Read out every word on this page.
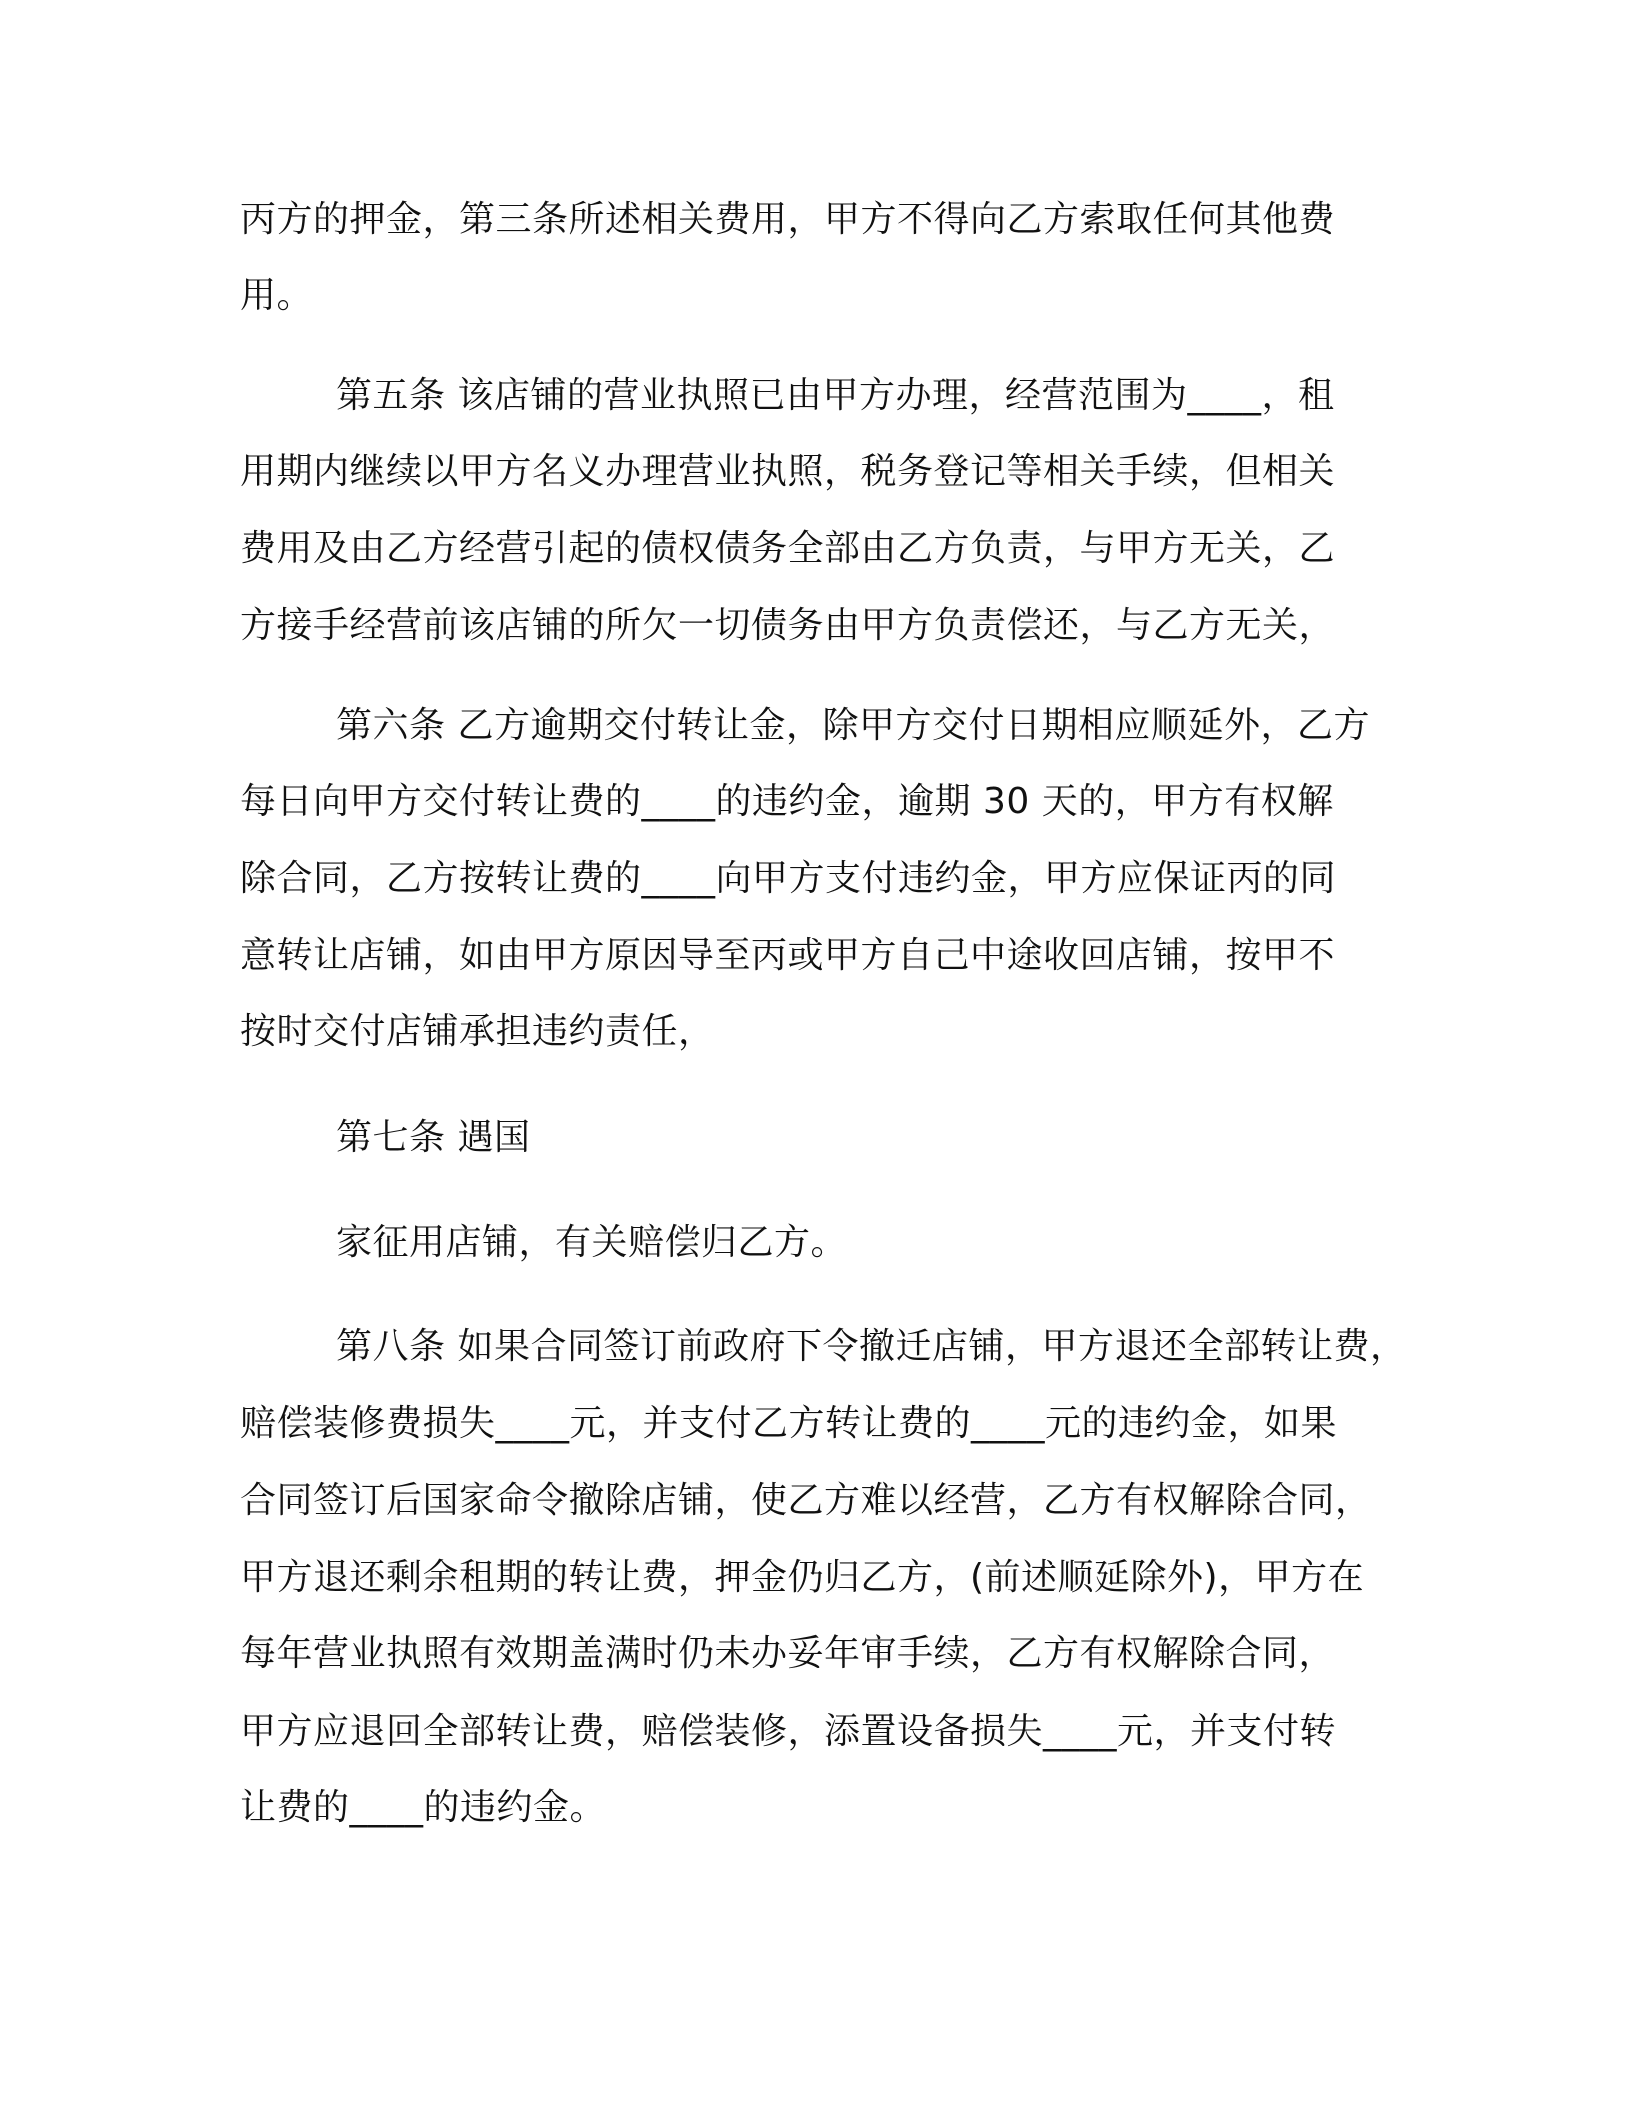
丙方的押金，第三条所述相关费用，甲方不得向乙方索取任何其他费
用。
第五条 该店铺的营业执照已由甲方办理，经营范围为____，租
用期内继续以甲方名义办理营业执照，税务登记等相关手续，但相关
费用及由乙方经营引起的债权债务全部由乙方负责，与甲方无关，乙
方接手经营前该店铺的所欠一切债务由甲方负责偿还，与乙方无关，
第六条 乙方逾期交付转让金，除甲方交付日期相应顺延外，乙方
每日向甲方交付转让费的____的违约金，逾期 30 天的，甲方有权解
除合同，乙方按转让费的____向甲方支付违约金，甲方应保证丙的同
意转让店铺，如由甲方原因导至丙或甲方自己中途收回店铺，按甲不
按时交付店铺承担违约责任，
第七条 遇国
家征用店铺，有关赔偿归乙方。
第八条 如果合同签订前政府下令撤迁店铺，甲方退还全部转让费，
赔偿装修费损失____元，并支付乙方转让费的____元的违约金，如果
合同签订后国家命令撤除店铺，使乙方难以经营，乙方有权解除合同，
甲方退还剩余租期的转让费，押金仍归乙方，(前述顺延除外)，甲方在
每年营业执照有效期盖满时仍未办妥年审手续，乙方有权解除合同，
甲方应退回全部转让费，赔偿装修，添置设备损失____元，并支付转
让费的____的违约金。
